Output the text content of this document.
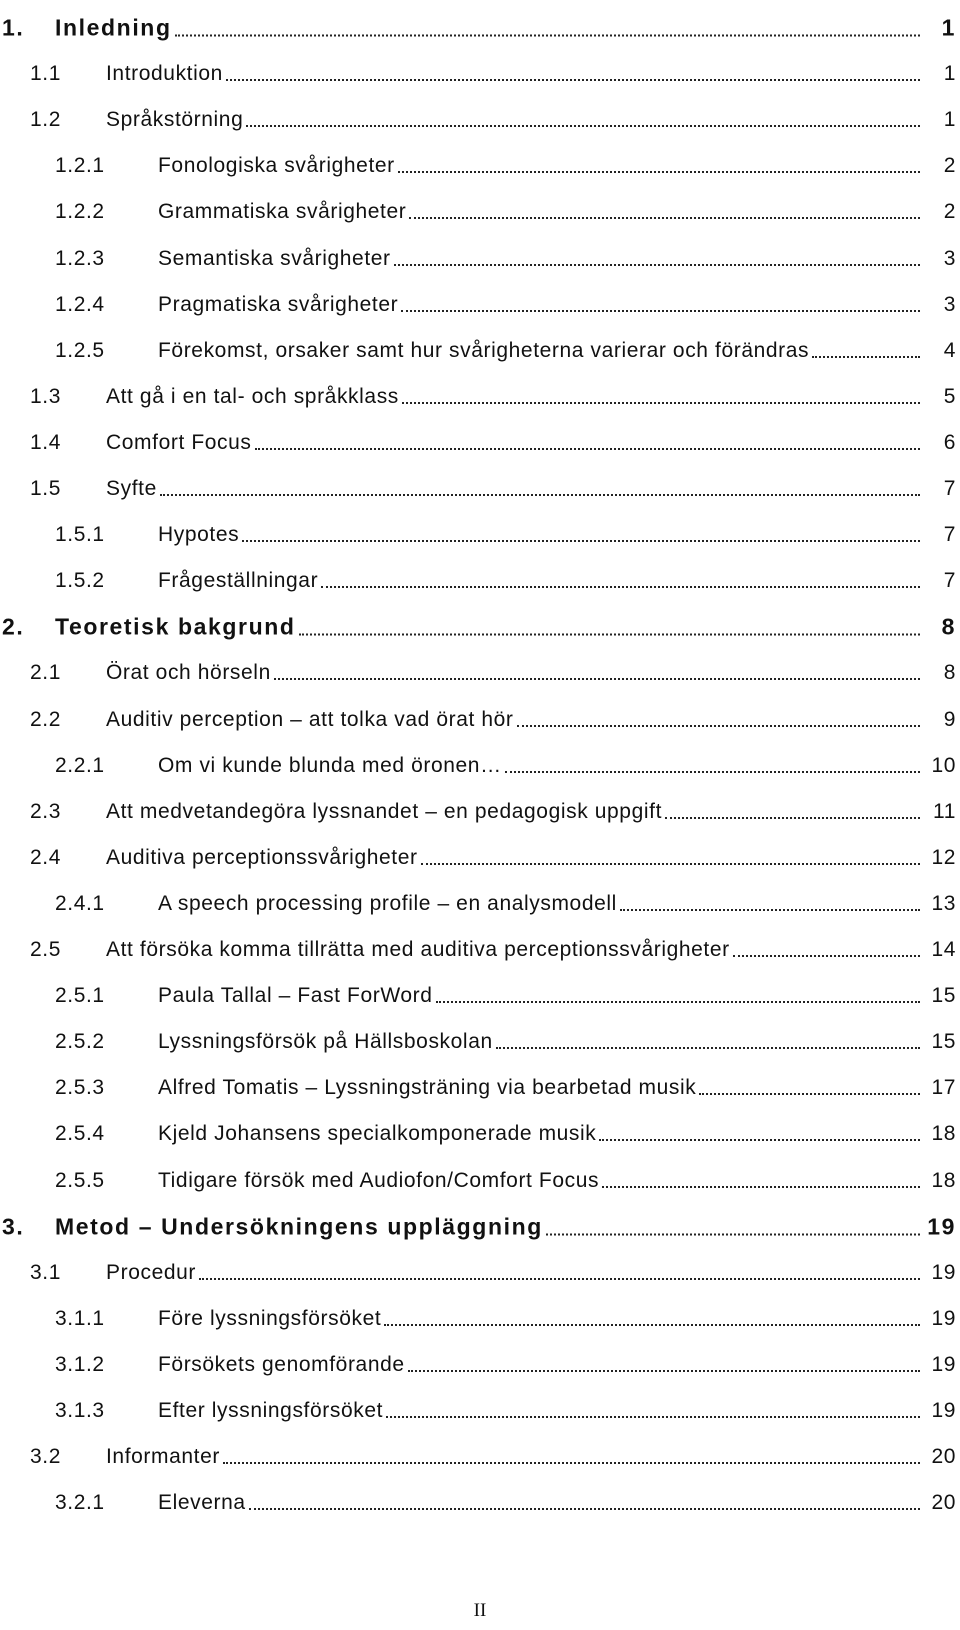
1. Inledning	1
1.1 Introduktion	1
1.2 Språkstörning	1
1.2.1	Fonologiska svårigheter	2
1.2.2	Grammatiska svårigheter	2
1.2.3	Semantiska svårigheter	3
1.2.4	Pragmatiska svårigheter	3
1.2.5	Förekomst, orsaker samt hur svårigheterna varierar och förändras	4
1.3 Att gå i en tal- och språkklass	5
1.4 Comfort Focus	6
1.5 Syfte	7
1.5.1	Hypotes	7
1.5.2	Frågeställningar	7
2. Teoretisk bakgrund	8
2.1 Örat och hörseln	8
2.2 Auditiv perception – att tolka vad örat hör	9
2.2.1	Om vi kunde blunda med öronen…	10
2.3 Att medvetandegöra lyssnandet – en pedagogisk uppgift	11
2.4 Auditiva perceptionssvårigheter	12
2.4.1	A speech processing profile – en analysmodell	13
2.5 Att försöka komma tillrätta med auditiva perceptionssvårigheter	14
2.5.1	Paula Tallal – Fast ForWord	15
2.5.2	Lyssningsförsök på Hällsboskolan	15
2.5.3	Alfred Tomatis – Lyssningsträning via bearbetad musik	17
2.5.4	Kjeld Johansens specialkomponerade musik	18
2.5.5	Tidigare försök med Audiofon/Comfort Focus	18
3. Metod – Undersökningens uppläggning	19
3.1 Procedur	19
3.1.1	Före lyssningsförsöket	19
3.1.2	Försökets genomförande	19
3.1.3	Efter lyssningsförsöket	19
3.2 Informanter	20
3.2.1	Eleverna	20
II
